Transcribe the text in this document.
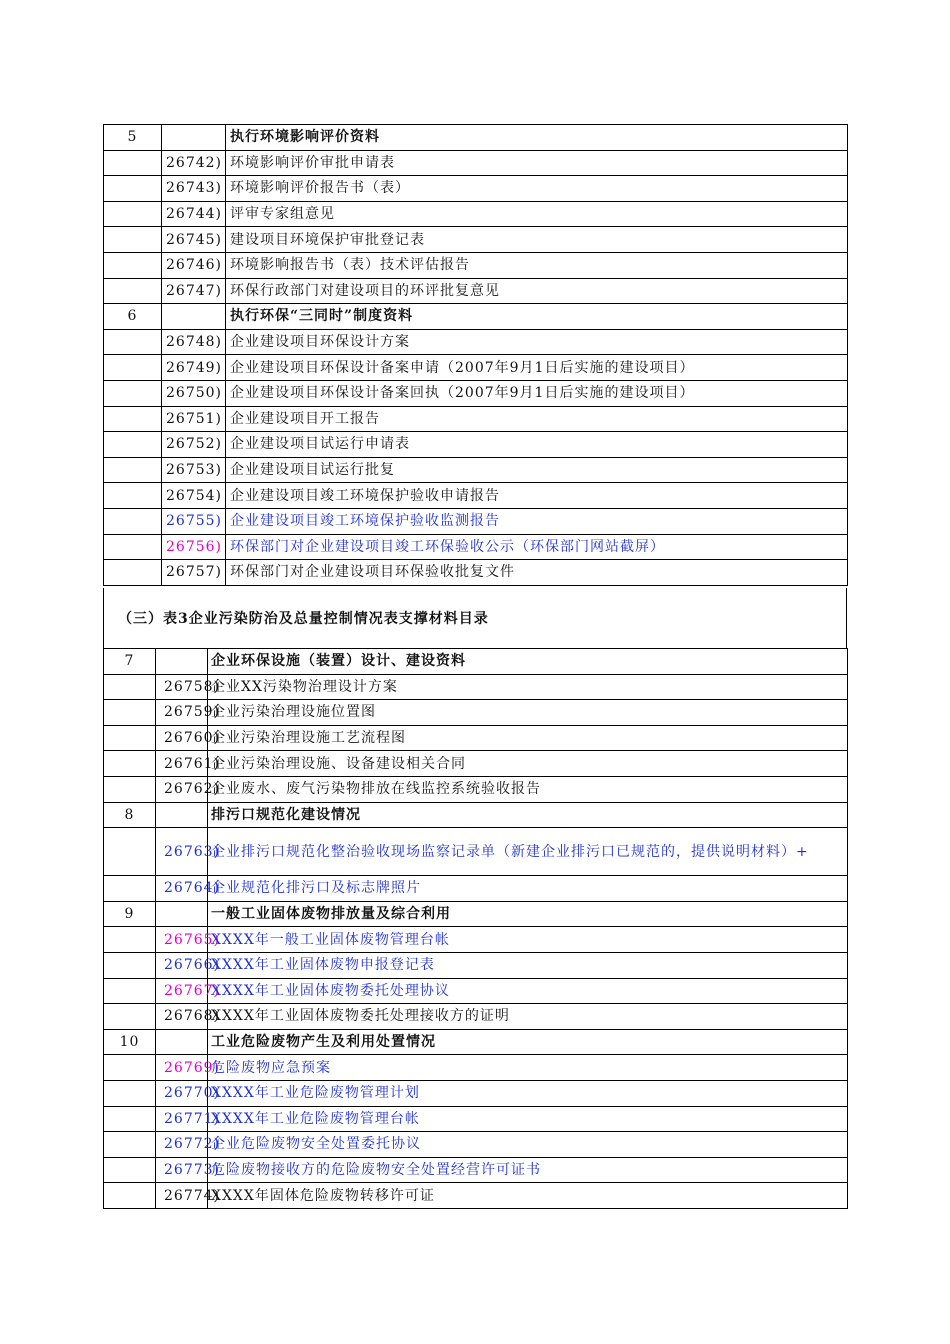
5		执行环境影响评价资料
	26742)	环境影响评价审批申请表
	26743)	环境影响评价报告书（表）
	26744)	评审专家组意见
	26745)	建设项目环境保护审批登记表
	26746)	环境影响报告书（表）技术评估报告
	26747)	环保行政部门对建设项目的环评批复意见
6		执行环保“三同时”制度资料
	26748)	企业建设项目环保设计方案
	26749)	企业建设项目环保设计备案申请（2007年9月1日后实施的建设项目）
	26750)	企业建设项目环保设计备案回执（2007年9月1日后实施的建设项目）
	26751)	企业建设项目开工报告
	26752)	企业建设项目试运行申请表
	26753)	企业建设项目试运行批复
	26754)	企业建设项目竣工环境保护验收申请报告
	26755)	企业建设项目竣工环境保护验收监测报告
	26756)	环保部门对企业建设项目竣工环保验收公示（环保部门网站截屏）
	26757)	环保部门对企业建设项目环保验收批复文件
（三）表3企业污染防治及总量控制情况表支撑材料目录
7		企业环保设施（装置）设计、建设资料
	26758)	企业XX污染物治理设计方案
	26759)	企业污染治理设施位置图
	26760)	企业污染治理设施工艺流程图
	26761)	企业污染治理设施、设备建设相关合同
	26762)	企业废水、废气污染物排放在线监控系统验收报告
8		排污口规范化建设情况
	26763)	企业排污口规范化整治验收现场监察记录单（新建企业排污口已规范的，提供说明材料）+
	26764)	企业规范化排污口及标志牌照片
9		一般工业固体废物排放量及综合利用
	26765)	XXXX年一般工业固体废物管理台帐
	26766)	XXXX年工业固体废物申报登记表
	26767)	XXXX年工业固体废物委托处理协议
	26768)	XXXX年工业固体废物委托处理接收方的证明
10		工业危险废物产生及利用处置情况
	26769)	危险废物应急预案
	26770)	XXXX年工业危险废物管理计划
	26771)	XXXX年工业危险废物管理台帐
	26772)	企业危险废物安全处置委托协议
	26773)	危险废物接收方的危险废物安全处置经营许可证书
	26774)	XXXX年固体危险废物转移许可证
